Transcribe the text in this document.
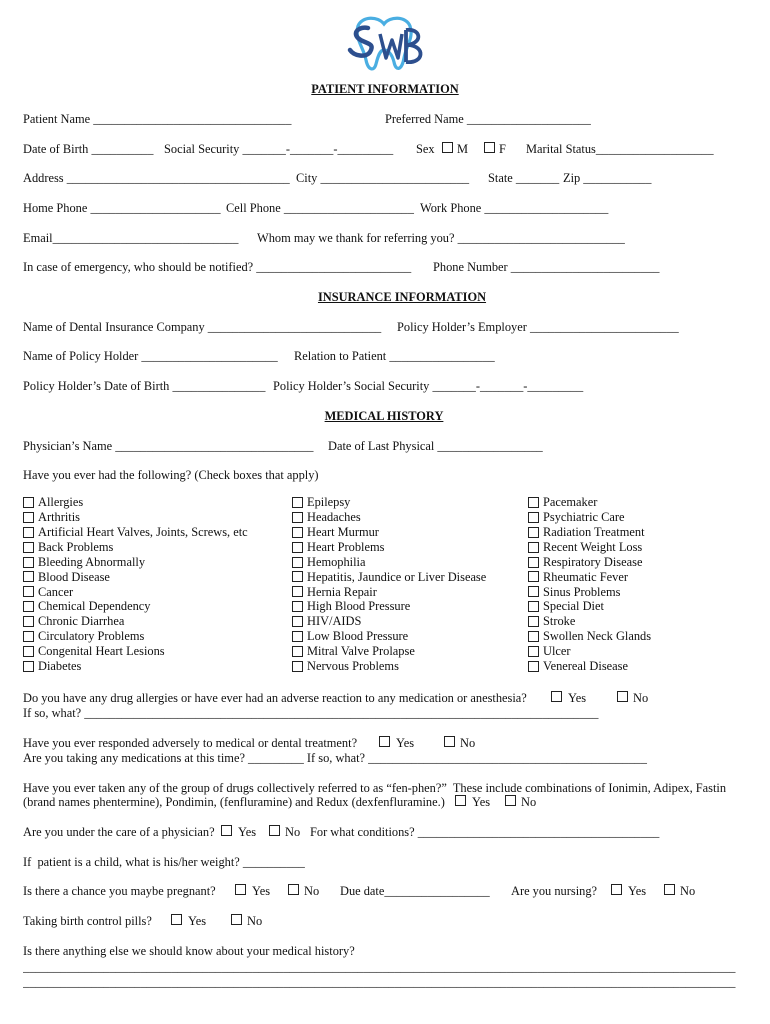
PATIENT INFORMATION
Patient Name ________________________________	Preferred Name ____________________
Date of Birth __________ Social Security _______-_______-_________ Sex M F Marital Status___________________
Address ____________________________________ City ________________________ State _______ Zip ___________
Home Phone _____________________ Cell Phone _____________________ Work Phone ____________________
Email______________________________ Whom may we thank for referring you? ___________________________
In case of emergency, who should be notified? _________________________ Phone Number ________________________
INSURANCE INFORMATION
Name of Dental Insurance Company ____________________________ Policy Holder’s Employer ________________________
Name of Policy Holder ______________________ Relation to Patient _________________
Policy Holder’s Date of Birth _______________ Policy Holder’s Social Security _______-_______-_________
MEDICAL HISTORY
Physician’s Name ________________________________ Date of Last Physical _________________
Have you ever had the following? (Check boxes that apply)
Allergies
Arthritis
Artificial Heart Valves, Joints, Screws, etc
Back Problems
Bleeding Abnormally
Blood Disease
Cancer
Chemical Dependency
Chronic Diarrhea
Circulatory Problems
Congenital Heart Lesions
Diabetes
Epilepsy
Headaches
Heart Murmur
Heart Problems
Hemophilia
Hepatitis, Jaundice or Liver Disease
Hernia Repair
High Blood Pressure
HIV/AIDS
Low Blood Pressure
Mitral Valve Prolapse
Nervous Problems
Pacemaker
Psychiatric Care
Radiation Treatment
Recent Weight Loss
Respiratory Disease
Rheumatic Fever
Sinus Problems
Special Diet
Stroke
Swollen Neck Glands
Ulcer
Venereal Disease
Do you have any drug allergies or have ever had an adverse reaction to any medication or anesthesia?	Yes	No
If so, what? ___________________________________________________________________________________
Have you ever responded adversely to medical or dental treatment?	Yes	No
Are you taking any medications at this time? _________ If so, what? _____________________________________________
Have you ever taken any of the group of drugs collectively referred to as “fen-phen?”  These include combinations of Ionimin, Adipex, Fastin
(brand names phentermine), Pondimin, (fenfluramine) and Redux (dexfenfluramine.) Yes No
Are you under the care of a physician? Yes No For what conditions? _______________________________________
If  patient is a child, what is his/her weight? __________
Is there a chance you maybe pregnant?	Yes	No Due date_________________ Are you nursing? Yes	No
Taking birth control pills?	Yes	No
Is there anything else we should know about your medical history?
___________________________________________________________________________________________________________________
___________________________________________________________________________________________________________________
